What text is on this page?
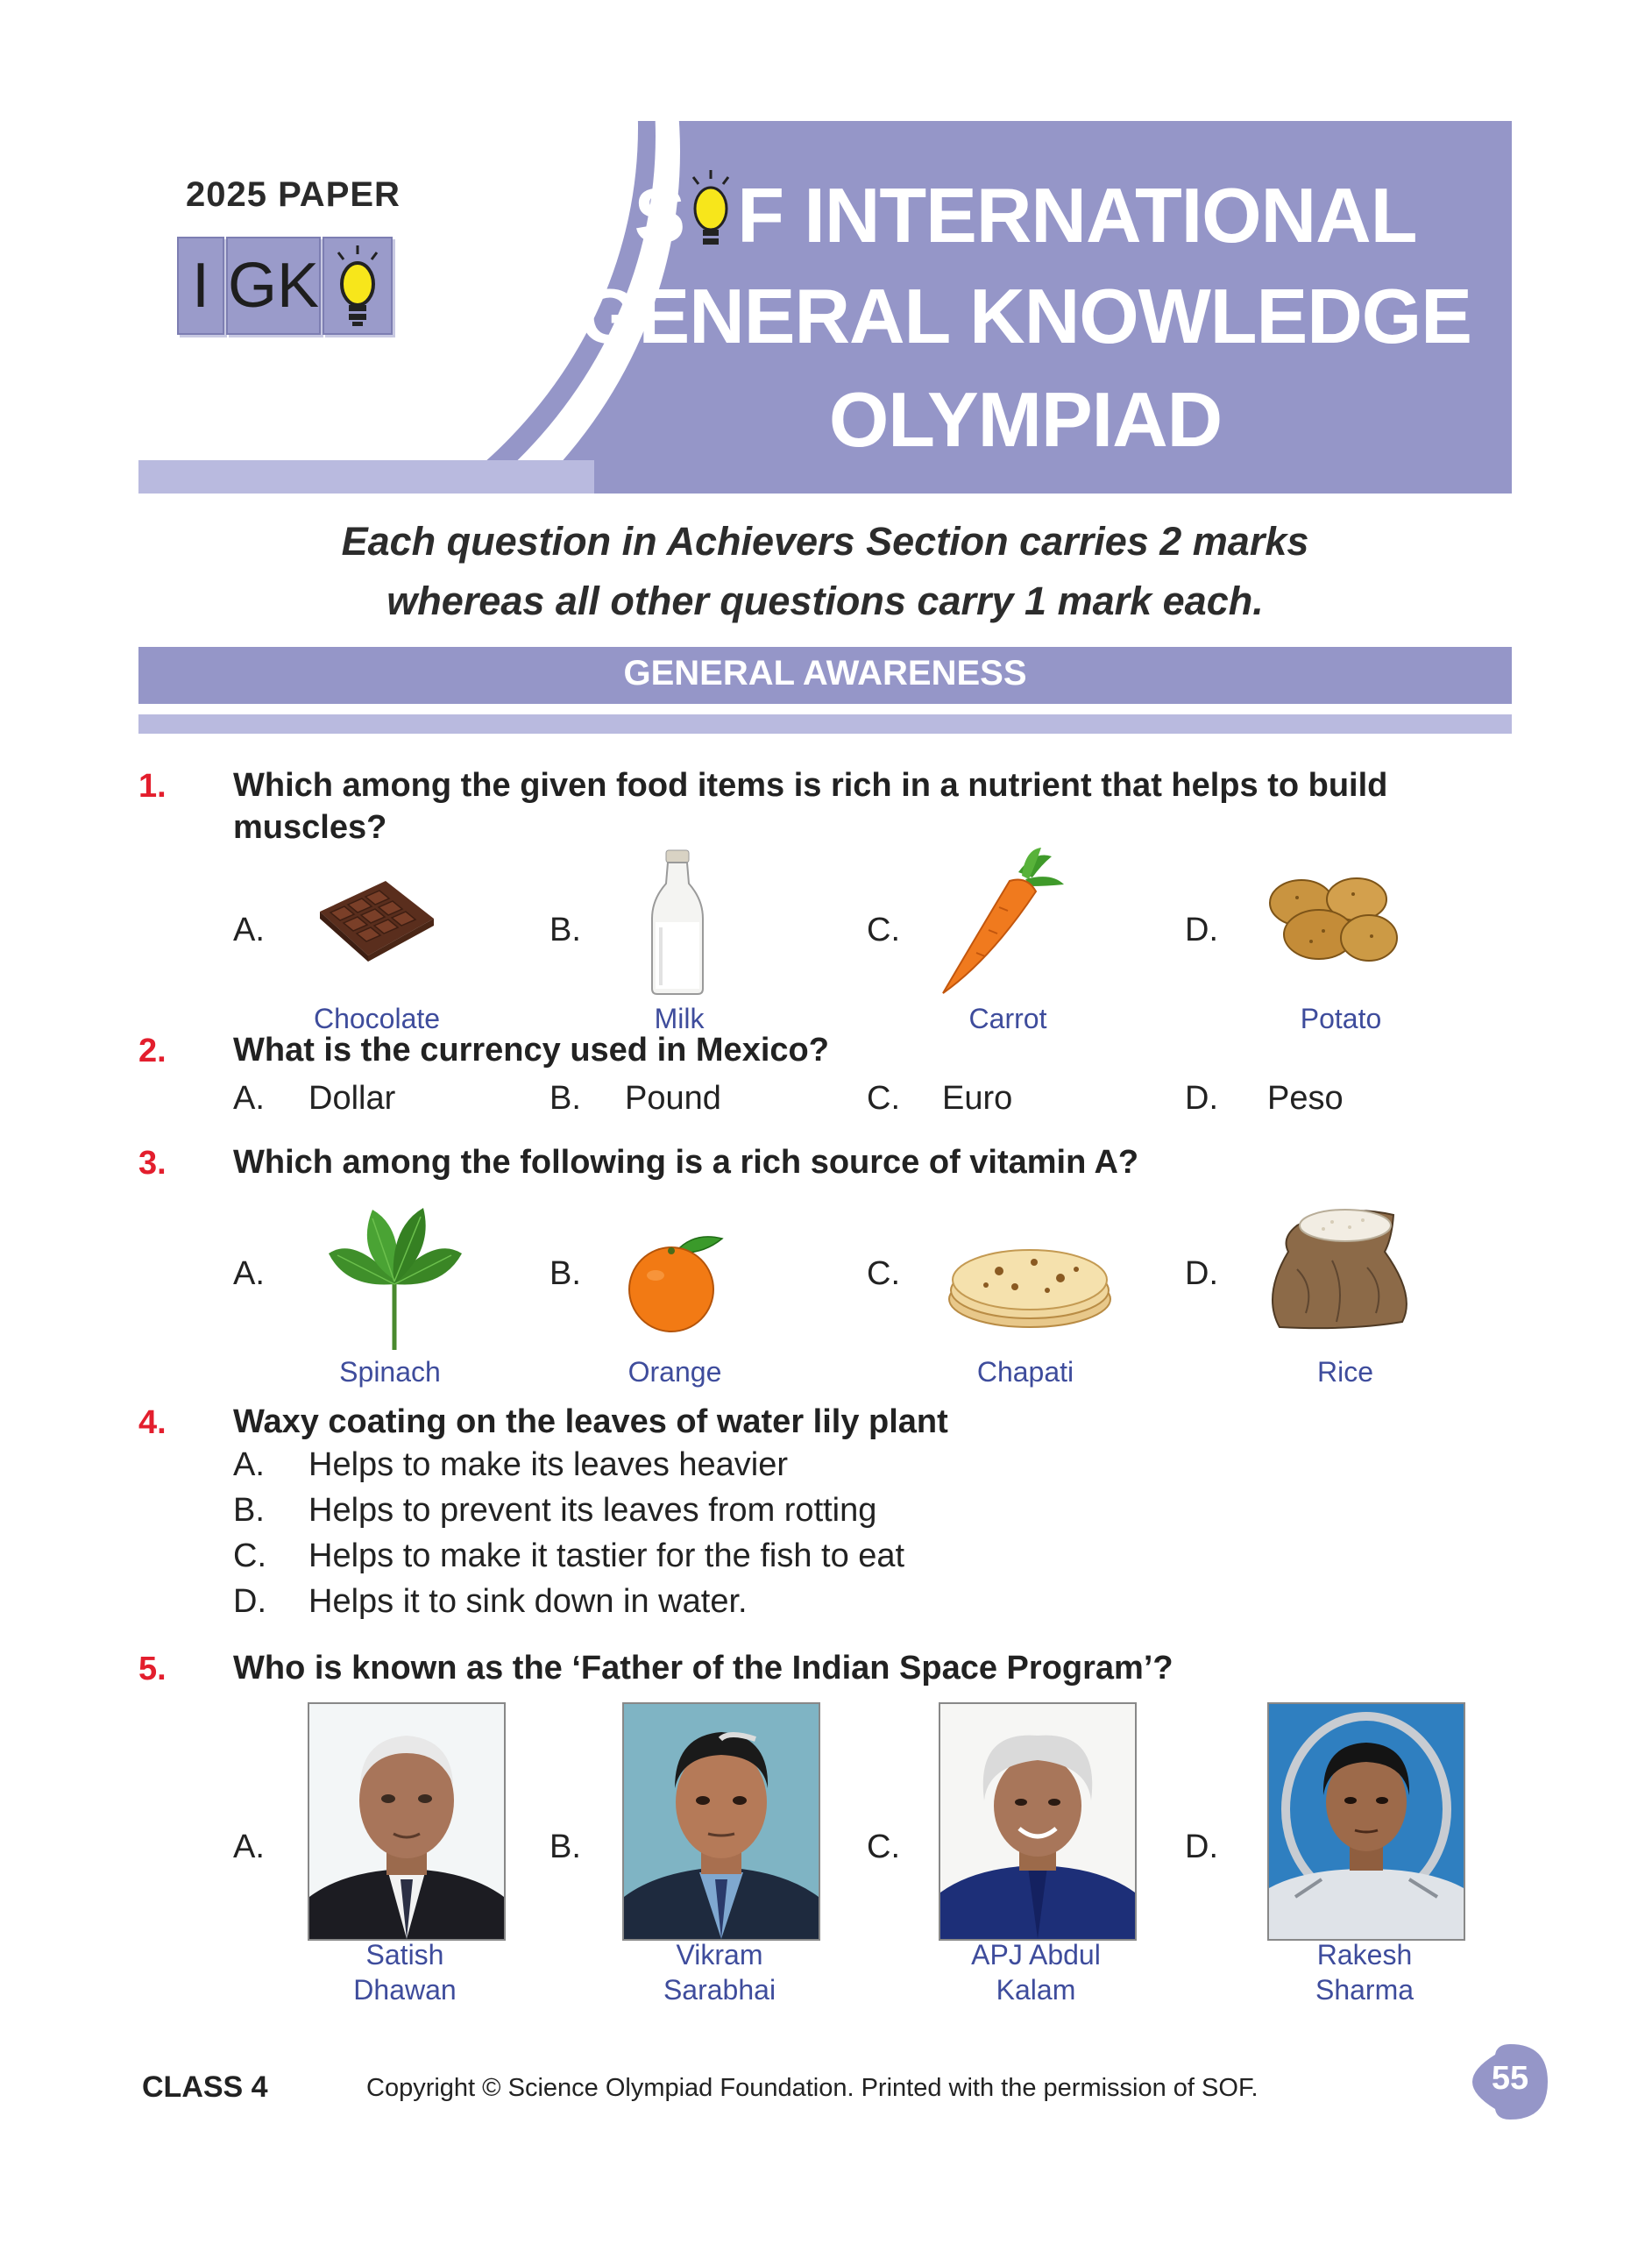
2025 PAPER
I GK
S F INTERNATIONAL
GENERAL KNOWLEDGE
OLYMPIAD
Each question in Achievers Section carries 2 marks
whereas all other questions carry 1 mark each.
GENERAL AWARENESS
1. Which among the given food items is rich in a nutrient that helps to build
muscles?
A.
Chocolate
B.
Milk
C.
Carrot
D.
Potato
2. What is the currency used in Mexico?
A. Dollar	B. Pound	C. Euro	D. Peso
3. Which among the following is a rich source of vitamin A?
A.
Spinach
B.
Orange
C.
Chapati
D.
Rice
4. Waxy coating on the leaves of water lily plant
A. Helps to make its leaves heavier
B. Helps to prevent its leaves from rotting
C. Helps to make it tastier for the fish to eat
D. Helps it to sink down in water.
5. Who is known as the ‘Father of the Indian Space Program’?
A.
Satish
Dhawan
B.
Vikram
Sarabhai
C.
APJ Abdul
Kalam
D.
Rakesh
Sharma
CLASS 4	Copyright © Science Olympiad Foundation. Printed with the permission of SOF.	55
